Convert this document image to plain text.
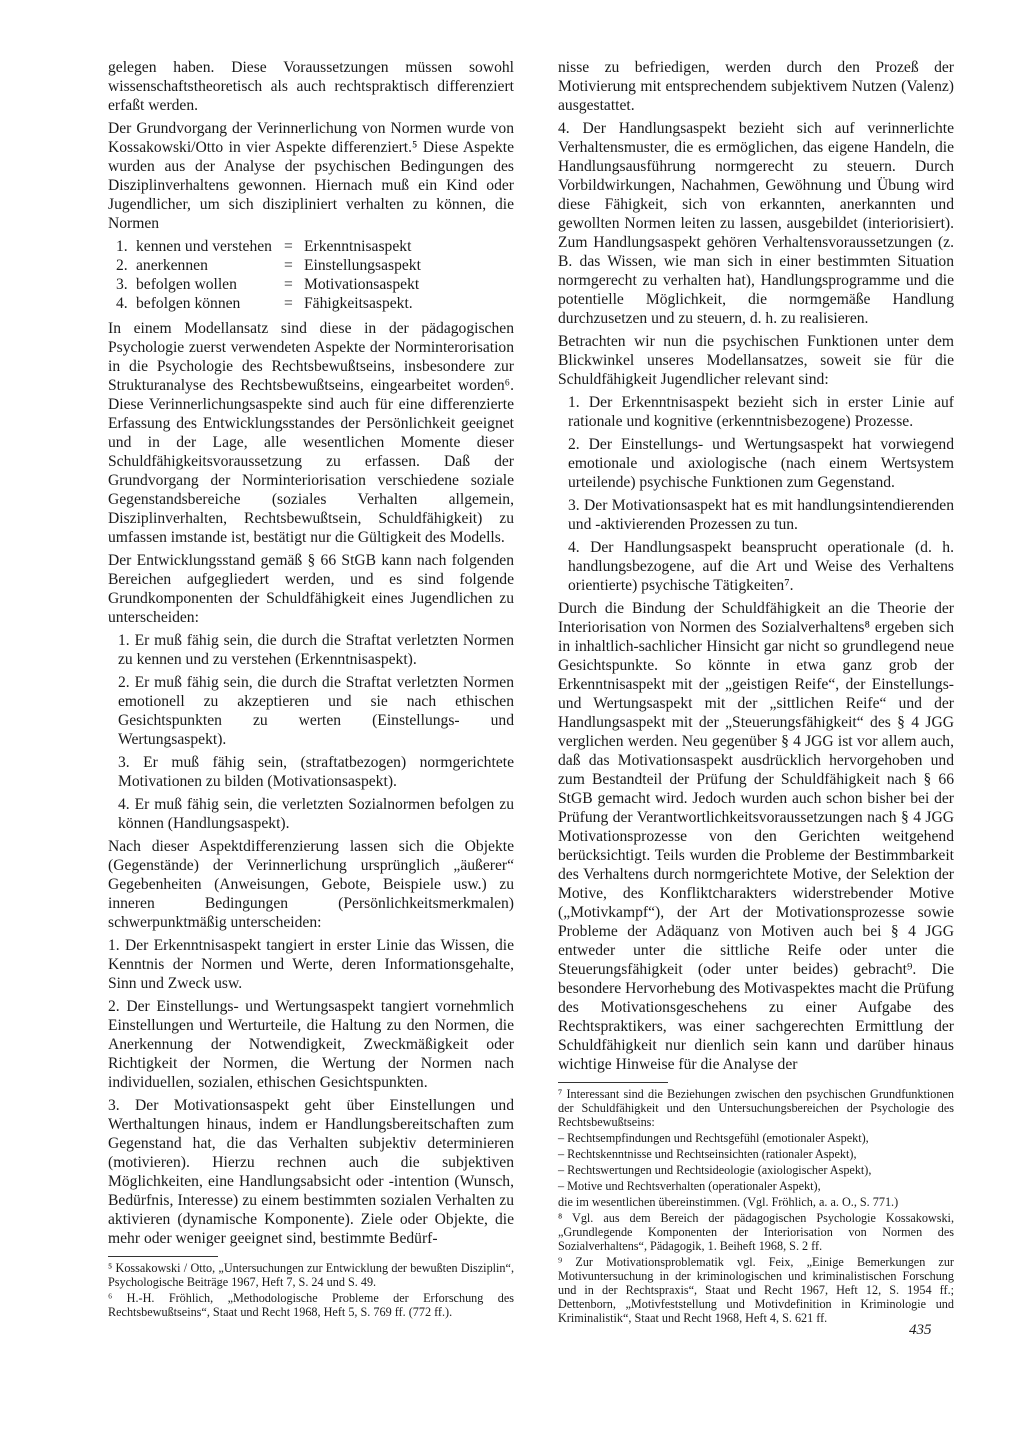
gelegen haben. Diese Voraussetzungen müssen sowohl wissenschaftstheoretisch als auch rechtspraktisch differenziert erfaßt werden.

Der Grundvorgang der Verinnerlichung von Normen wurde von Kossakowski/Otto in vier Aspekte differenziert.⁵ Diese Aspekte wurden aus der Analyse der psychischen Bedingungen des Disziplinverhaltens gewonnen. Hiernach muß ein Kind oder Jugendlicher, um sich diszipliniert verhalten zu können, die Normen

1. kennen und verstehen = Erkenntnisaspekt
2. anerkennen	= Einstellungsaspekt
3. befolgen wollen	= Motivationsaspekt
4. befolgen können	= Fähigkeitsaspekt.

In einem Modellansatz sind diese in der pädagogischen Psychologie zuerst verwendeten Aspekte der Norminterorisation in die Psychologie des Rechtsbewußtseins, insbesondere zur Strukturanalyse des Rechtsbewußtseins, eingearbeitet worden⁶. Diese Verinnerlichungsaspekte sind auch für eine differenzierte Erfassung des Entwicklungsstandes der Persönlichkeit geeignet und in der Lage, alle wesentlichen Momente dieser Schuldfähigkeitsvoraussetzung zu erfassen. Daß der Grundvorgang der Norminteriorisation verschiedene soziale Gegenstandsbereiche (soziales Verhalten allgemein, Disziplinverhalten, Rechtsbewußtsein, Schuldfähigkeit) zu umfassen imstande ist, bestätigt nur die Gültigkeit des Modells.

Der Entwicklungsstand gemäß § 66 StGB kann nach folgenden Bereichen aufgegliedert werden, und es sind folgende Grundkomponenten der Schuldfähigkeit eines Jugendlichen zu unterscheiden:

1. Er muß fähig sein, die durch die Straftat verletzten Normen zu kennen und zu verstehen (Erkenntnisaspekt).

2. Er muß fähig sein, die durch die Straftat verletzten Normen emotionell zu akzeptieren und sie nach ethischen Gesichtspunkten zu werten (Einstellungs- und Wertungsaspekt).

3. Er muß fähig sein, (straftatbezogen) normgerichtete Motivationen zu bilden (Motivationsaspekt).

4. Er muß fähig sein, die verletzten Sozialnormen befolgen zu können (Handlungsaspekt).

Nach dieser Aspektdifferenzierung lassen sich die Objekte (Gegenstände) der Verinnerlichung ursprünglich „äußerer“ Gegebenheiten (Anweisungen, Gebote, Beispiele usw.) zu inneren Bedingungen (Persönlichkeitsmerkmalen) schwerpunktmäßig unterscheiden:

1. Der Erkenntnisaspekt tangiert in erster Linie das Wissen, die Kenntnis der Normen und Werte, deren Informationsgehalte, Sinn und Zweck usw.

2. Der Einstellungs- und Wertungsaspekt tangiert vornehmlich Einstellungen und Werturteile, die Haltung zu den Normen, die Anerkennung der Notwendigkeit, Zweckmäßigkeit oder Richtigkeit der Normen, die Wertung der Normen nach individuellen, sozialen, ethischen Gesichtspunkten.

3. Der Motivationsaspekt geht über Einstellungen und Werthaltungen hinaus, indem er Handlungsbereitschaften zum Gegenstand hat, die das Verhalten subjektiv determinieren (motivieren). Hierzu rechnen auch die subjektiven Möglichkeiten, eine Handlungsabsicht oder -intention (Wunsch, Bedürfnis, Interesse) zu einem bestimmten sozialen Verhalten zu aktivieren (dynamische Komponente). Ziele oder Objekte, die mehr oder weniger geeignet sind, bestimmte Bedürf-

⁵ Kossakowski / Otto, „Untersuchungen zur Entwicklung der bewußten Disziplin“, Psychologische Beiträge 1967, Heft 7, S. 24 und S. 49.

⁶ H.-H. Fröhlich, „Methodologische Probleme der Erforschung des Rechtsbewußtseins“, Staat und Recht 1968, Heft 5, S. 769 ff. (772 ff.).

nisse zu befriedigen, werden durch den Prozeß der Motivierung mit entsprechendem subjektivem Nutzen (Valenz) ausgestattet.

4. Der Handlungsaspekt bezieht sich auf verinnerlichte Verhaltensmuster, die es ermöglichen, das eigene Handeln, die Handlungsausführung normgerecht zu steuern. Durch Vorbildwirkungen, Nachahmen, Gewöhnung und Übung wird diese Fähigkeit, sich von erkannten, anerkannten und gewollten Normen leiten zu lassen, ausgebildet (interiorisiert). Zum Handlungsaspekt gehören Verhaltensvoraussetzungen (z. B. das Wissen, wie man sich in einer bestimmten Situation normgerecht zu verhalten hat), Handlungsprogramme und die potentielle Möglichkeit, die normgemäße Handlung durchzusetzen und zu steuern, d. h. zu realisieren.

Betrachten wir nun die psychischen Funktionen unter dem Blickwinkel unseres Modellansatzes, soweit sie für die Schuldfähigkeit Jugendlicher relevant sind:

1. Der Erkenntnisaspekt bezieht sich in erster Linie auf rationale und kognitive (erkenntnisbezogene) Prozesse.

2. Der Einstellungs- und Wertungsaspekt hat vorwiegend emotionale und axiologische (nach einem Wertsystem urteilende) psychische Funktionen zum Gegenstand.

3. Der Motivationsaspekt hat es mit handlungsintendierenden und -aktivierenden Prozessen zu tun.

4. Der Handlungsaspekt beansprucht operationale (d. h. handlungsbezogene, auf die Art und Weise des Verhaltens orientierte) psychische Tätigkeiten⁷.

Durch die Bindung der Schuldfähigkeit an die Theorie der Interiorisation von Normen des Sozialverhaltens⁸ ergeben sich in inhaltlich-sachlicher Hinsicht gar nicht so grundlegend neue Gesichtspunkte. So könnte in etwa ganz grob der Erkenntnisaspekt mit der „geistigen Reife“, der Einstellungs- und Wertungsaspekt mit der „sittlichen Reife“ und der Handlungsaspekt mit der „Steuerungsfähigkeit“ des § 4 JGG verglichen werden. Neu gegenüber § 4 JGG ist vor allem auch, daß das Motivationsaspekt ausdrücklich hervorgehoben und zum Bestandteil der Prüfung der Schuldfähigkeit nach § 66 StGB gemacht wird. Jedoch wurden auch schon bisher bei der Prüfung der Verantwortlichkeitsvoraussetzungen nach § 4 JGG Motivationsprozesse von den Gerichten weitgehend berücksichtigt. Teils wurden die Probleme der Bestimmbarkeit des Verhaltens durch normgerichtete Motive, der Selektion der Motive, des Konfliktcharakters widerstrebender Motive („Motivkampf“), der Art der Motivationsprozesse sowie Probleme der Adäquanz von Motiven auch bei § 4 JGG entweder unter die sittliche Reife oder unter die Steuerungsfähigkeit (oder unter beides) gebracht⁹. Die besondere Hervorhebung des Motivaspektes macht die Prüfung des Motivationsgeschehens zu einer Aufgabe des Rechtspraktikers, was einer sachgerechten Ermittlung der Schuldfähigkeit nur dienlich sein kann und darüber hinaus wichtige Hinweise für die Analyse der

⁷ Interessant sind die Beziehungen zwischen den psychischen Grundfunktionen der Schuldfähigkeit und den Untersuchungsbereichen der Psychologie des Rechtsbewußtseins:

– Rechtsempfindungen und Rechtsgefühl (emotionaler Aspekt),

– Rechtskenntnisse und Rechtseinsichten (rationaler Aspekt),

– Rechtswertungen und Rechtsideologie (axiologischer Aspekt),

– Motive und Rechtsverhalten (operationaler Aspekt),

die im wesentlichen übereinstimmen. (Vgl. Fröhlich, a. a. O., S. 771.)

⁸ Vgl. aus dem Bereich der pädagogischen Psychologie Kossakowski, „Grundlegende Komponenten der Interiorisation von Normen des Sozialverhaltens“, Pädagogik, 1. Beiheft 1968, S. 2 ff.

⁹ Zur Motivationsproblematik vgl. Feix, „Einige Bemerkungen zur Motivuntersuchung in der kriminologischen und kriminalistischen Forschung und in der Rechtspraxis“, Staat und Recht 1967, Heft 12, S. 1954 ff.; Dettenborn, „Motivfeststellung und Motivdefinition in Kriminologie und Kriminalistik“, Staat und Recht 1968, Heft 4, S. 621 ff.

435
